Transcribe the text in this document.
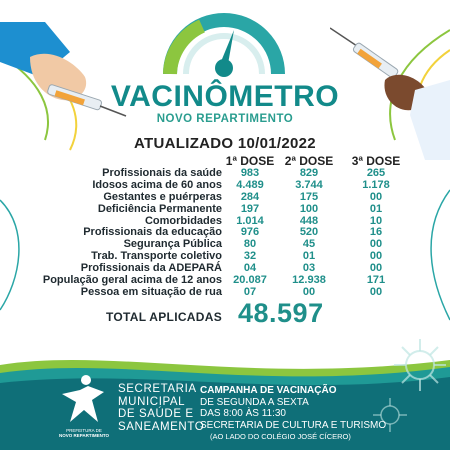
VACINÔMETRO
NOVO REPARTIMENTO
ATUALIZADO 10/01/2022
1ª DOSE 2ª DOSE	3ª DOSE
Profissionais da saúde	983	829	265
Idosos acima de 60 anos	4.489	3.744	1.178
Gestantes e puérperas	284	175	00
Deficiência Permanente	197	100	01
Comorbidades	1.014	448	10
Profissionais da educação	976	520	16
Segurança Pública	80	45	00
Trab. Transporte coletivo	32	01	00
Profissionais da ADEPARÁ	04	03	00
População geral acima de 12 anos	20.087	12.938	171
Pessoa em situação de rua	07	00	00
TOTAL APLICADAS 48.597
PREFEITURA DE
NOVO REPARTIMENTO
SECRETARIA
MUNICIPAL
DE SAÚDE E
SANEAMENTO
CAMPANHA DE VACINAÇÃO
DE SEGUNDA A SEXTA
DAS 8:00 ÀS 11:30
SECRETARIA DE CULTURA E TURISMO
(AO LADO DO COLÉGIO JOSÉ CÍCERO)
